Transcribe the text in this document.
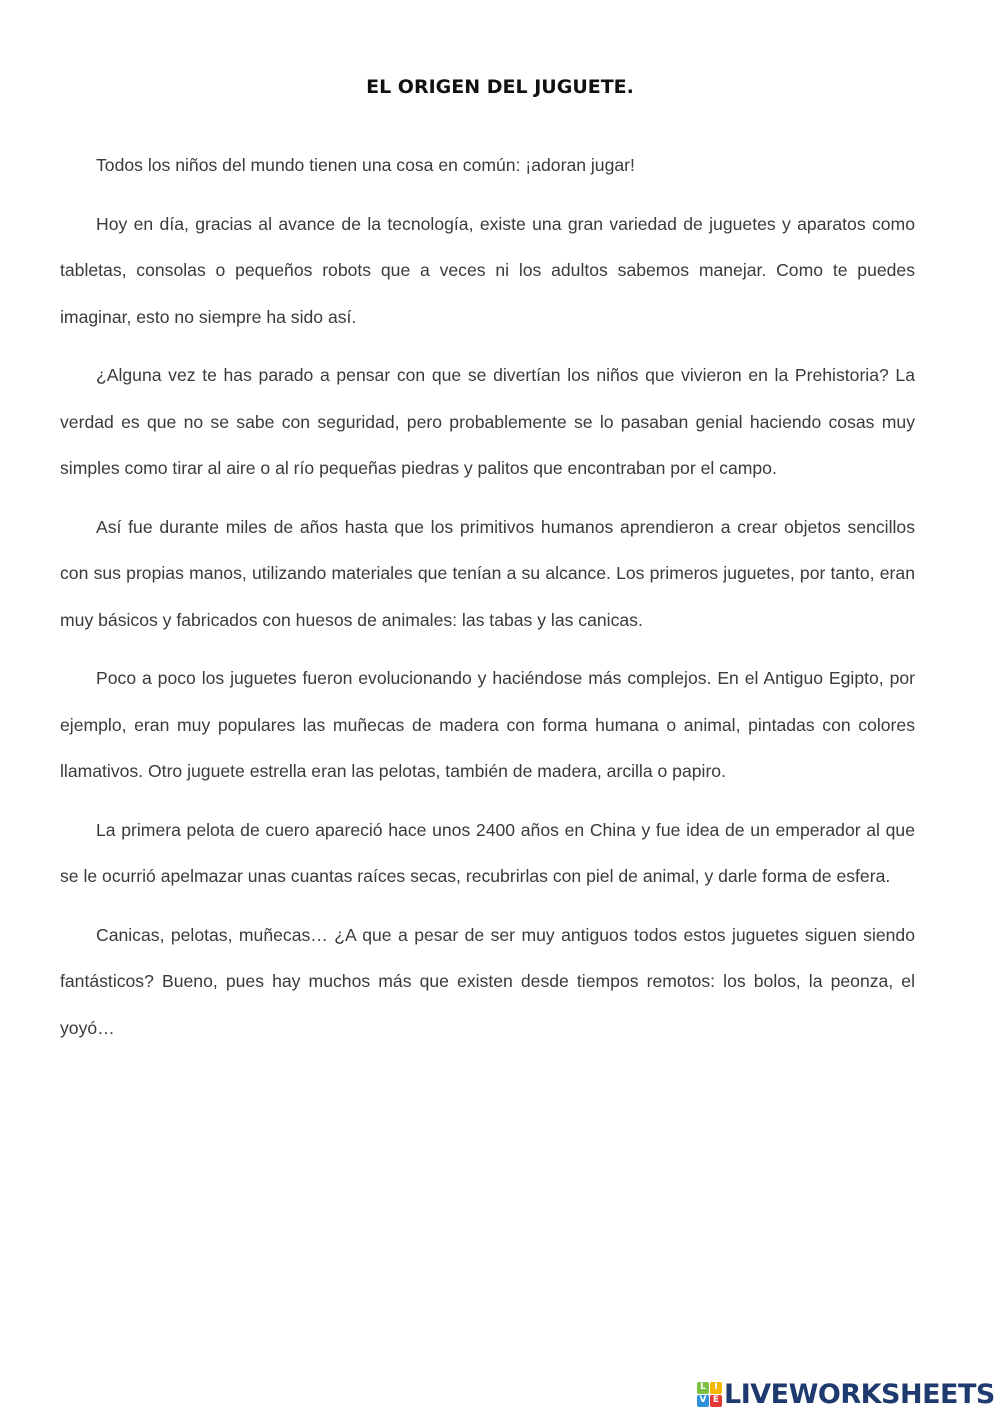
EL ORIGEN DEL JUGUETE.

Todos los niños del mundo tienen una cosa en común: ¡adoran jugar!

Hoy en día, gracias al avance de la tecnología, existe una gran variedad de juguetes y aparatos como tabletas, consolas o pequeños robots que a veces ni los adultos sabemos manejar. Como te puedes imaginar, esto no siempre ha sido así.

¿Alguna vez te has parado a pensar con que se divertían los niños que vivieron en la Prehistoria? La verdad es que no se sabe con seguridad, pero probablemente se lo pasaban genial haciendo cosas muy simples como tirar al aire o al río pequeñas piedras y palitos que encontraban por el campo.

Así fue durante miles de años hasta que los primitivos humanos aprendieron a crear objetos sencillos con sus propias manos, utilizando materiales que tenían a su alcance. Los primeros juguetes, por tanto, eran muy básicos y fabricados con huesos de animales: las tabas y las canicas.

Poco a poco los juguetes fueron evolucionando y haciéndose más complejos. En el Antiguo Egipto, por ejemplo, eran muy populares las muñecas de madera con forma humana o animal, pintadas con colores llamativos. Otro juguete estrella eran las pelotas, también de madera, arcilla o papiro.

La primera pelota de cuero apareció hace unos 2400 años en China y fue idea de un emperador al que se le ocurrió apelmazar unas cuantas raíces secas, recubrirlas con piel de animal, y darle forma de esfera.

Canicas, pelotas, muñecas… ¿A que a pesar de ser muy antiguos todos estos juguetes siguen siendo fantásticos? Bueno, pues hay muchos más que existen desde tiempos remotos: los bolos, la peonza, el yoyó…

L I
V E LIVEWORKSHEETS
